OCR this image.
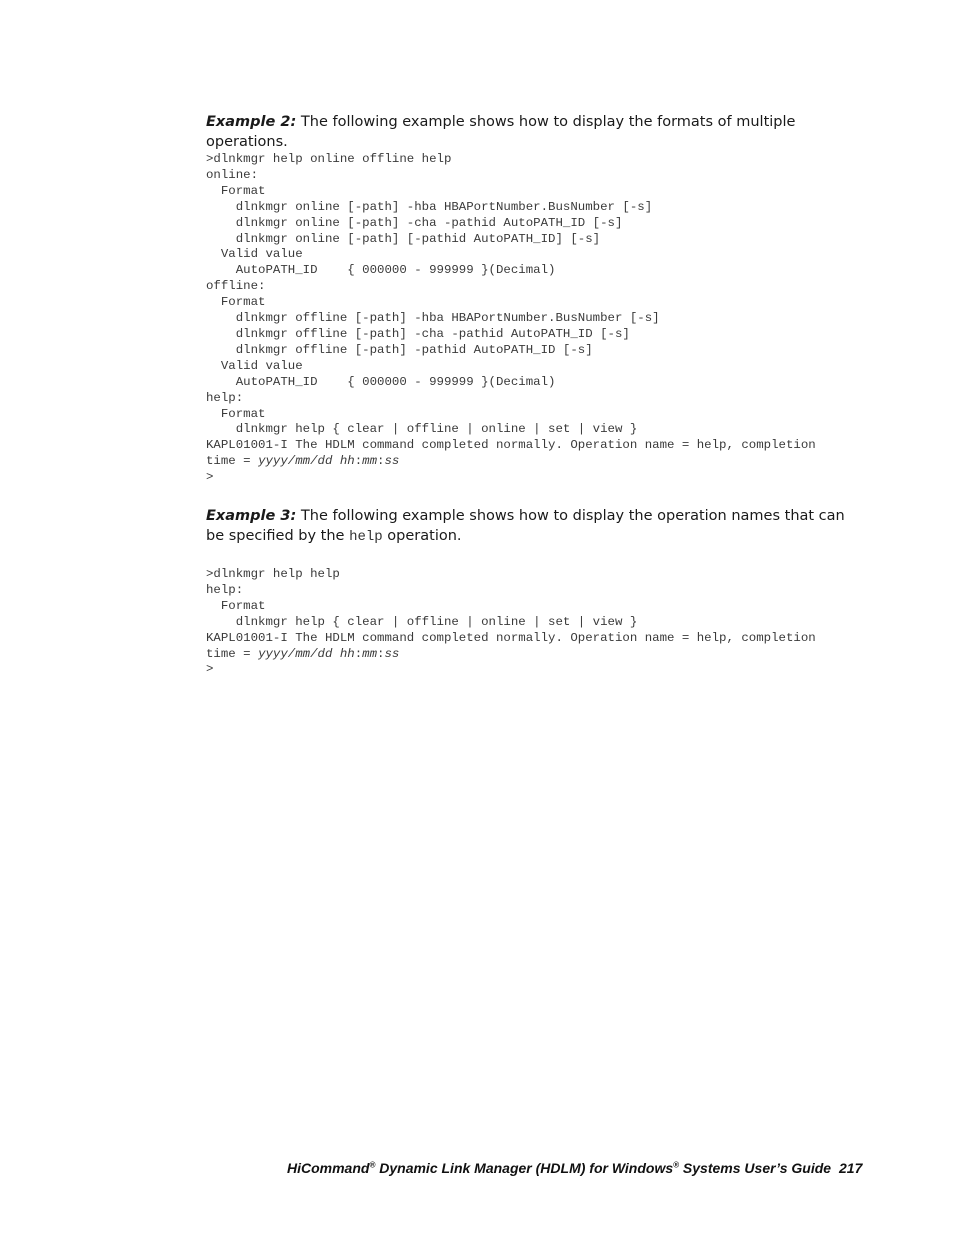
Example 2: The following example shows how to display the formats of multiple operations.

>dlnkmgr help online offline help
online:
Format
dlnkmgr online [-path] -hba HBAPortNumber.BusNumber [-s]
dlnkmgr online [-path] -cha -pathid AutoPATH_ID [-s]
dlnkmgr online [-path] [-pathid AutoPATH_ID] [-s]
Valid value
AutoPATH_ID    { 000000 - 999999 }(Decimal)
offline:
Format
dlnkmgr offline [-path] -hba HBAPortNumber.BusNumber [-s]
dlnkmgr offline [-path] -cha -pathid AutoPATH_ID [-s]
dlnkmgr offline [-path] -pathid AutoPATH_ID [-s]
Valid value
AutoPATH_ID    { 000000 - 999999 }(Decimal)
help:
Format
dlnkmgr help { clear | offline | online | set | view }
KAPL01001-I The HDLM command completed normally. Operation name = help, completion
time = yyyy/mm/dd hh:mm:ss
>

Example 3: The following example shows how to display the operation names that can be specified by the help operation.

>dlnkmgr help help
help:
Format
dlnkmgr help { clear | offline | online | set | view }
KAPL01001-I The HDLM command completed normally. Operation name = help, completion
time = yyyy/mm/dd hh:mm:ss
>
HiCommand® Dynamic Link Manager (HDLM) for Windows® Systems User’s Guide 217
